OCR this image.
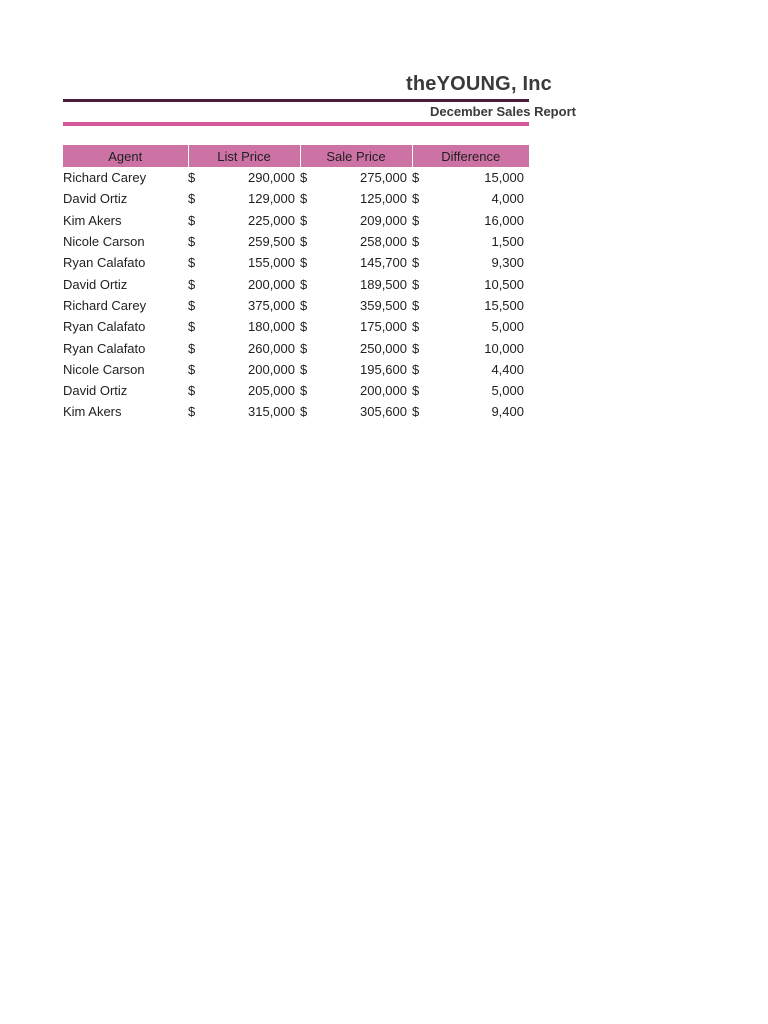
theYOUNG, Inc
December Sales Report
Agent	List Price	Sale Price	Difference
Richard Carey	$ 290,000	$ 275,000	$ 15,000

David Ortiz	$ 129,000	$ 125,000	$ 4,000

Kim Akers	$ 225,000	$ 209,000	$ 16,000

Nicole Carson	$ 259,500	$ 258,000	$ 1,500

Ryan Calafato	$ 155,000	$ 145,700	$ 9,300

David Ortiz	$ 200,000	$ 189,500	$ 10,500

Richard Carey	$ 375,000	$ 359,500	$ 15,500

Ryan Calafato	$ 180,000	$ 175,000	$ 5,000

Ryan Calafato	$ 260,000	$ 250,000	$ 10,000

Nicole Carson	$ 200,000	$ 195,600	$ 4,400

David Ortiz	$ 205,000	$ 200,000	$ 5,000

Kim Akers	$ 315,000	$ 305,600	$ 9,400
